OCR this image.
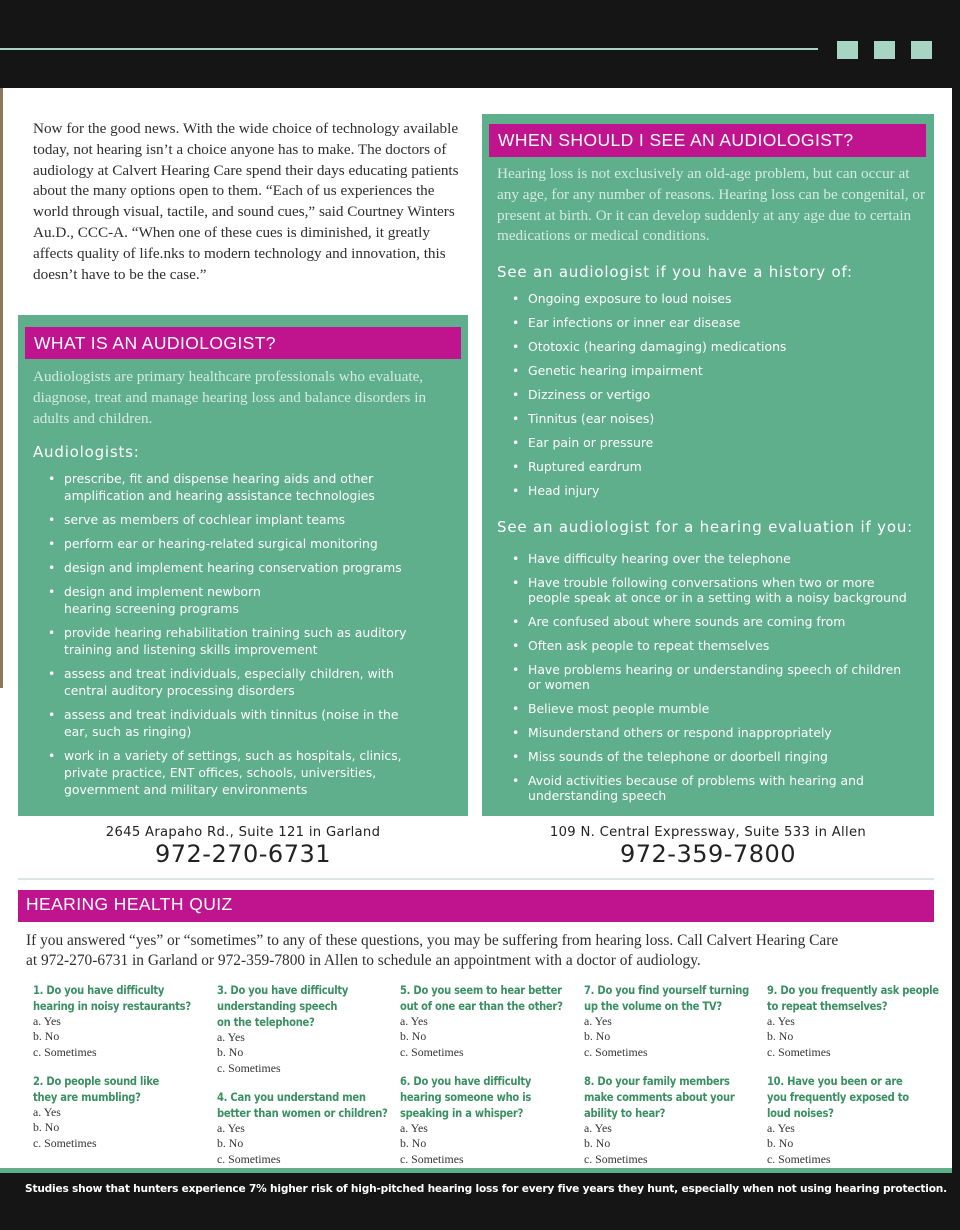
Now for the good news. With the wide choice of technology available today, not hearing isn’t a choice anyone has to make. The doctors of audiology at Calvert Hearing Care spend their days educating patients about the many options open to them. “Each of us experiences the world through visual, tactile, and sound cues,” said Courtney Winters Au.D., CCC-A. “When one of these cues is diminished, it greatly affects quality of life.nks to modern technology and innovation, this doesn’t have to be the case.”

WHAT IS AN AUDIOLOGIST?

Audiologists are primary healthcare professionals who evaluate, diagnose, treat and manage hearing loss and balance disorders in adults and children.

Audiologists:
• prescribe, fit and dispense hearing aids and other amplification and hearing assistance technologies
• serve as members of cochlear implant teams
• perform ear or hearing-related surgical monitoring
• design and implement hearing conservation programs
• design and implement newborn hearing screening programs
• provide hearing rehabilitation training such as auditory training and listening skills improvement
• assess and treat individuals, especially children, with central auditory processing disorders
• assess and treat individuals with tinnitus (noise in the ear, such as ringing)
• work in a variety of settings, such as hospitals, clinics, private practice, ENT offices, schools, universities, government and military environments
WHEN SHOULD I SEE AN AUDIOLOGIST?

Hearing loss is not exclusively an old-age problem, but can occur at any age, for any number of reasons. Hearing loss can be congenital, or present at birth. Or it can develop suddenly at any age due to certain medications or medical conditions.

See an audiologist if you have a history of:
• Ongoing exposure to loud noises
• Ear infections or inner ear disease
• Ototoxic (hearing damaging) medications
• Genetic hearing impairment
• Dizziness or vertigo
• Tinnitus (ear noises)
• Ear pain or pressure
• Ruptured eardrum
• Head injury
See an audiologist for a hearing evaluation if you:
• Have difficulty hearing over the telephone
• Have trouble following conversations when two or more people speak at once or in a setting with a noisy background
• Are confused about where sounds are coming from
• Often ask people to repeat themselves
• Have problems hearing or understanding speech of children or women
• Believe most people mumble
• Misunderstand others or respond inappropriately
• Miss sounds of the telephone or doorbell ringing
• Avoid activities because of problems with hearing and understanding speech
2645 Arapaho Rd., Suite 121 in Garland
972-270-6731
109 N. Central Expressway, Suite 533 in Allen
972-359-7800
HEARING HEALTH QUIZ

If you answered “yes” or “sometimes” to any of these questions, you may be suffering from hearing loss. Call Calvert Hearing Care at 972-270-6731 in Garland or 972-359-7800 in Allen to schedule an appointment with a doctor of audiology.

1. Do you have difficulty hearing in noisy restaurants?
a. Yes
b. No
c. Sometimes
2. Do people sound like they are mumbling?
a. Yes
b. No
c. Sometimes
3. Do you have difficulty understanding speech on the telephone?
a. Yes
b. No
c. Sometimes
4. Can you understand men better than women or children?
a. Yes
b. No
c. Sometimes
5. Do you seem to hear better out of one ear than the other?
a. Yes
b. No
c. Sometimes
6. Do you have difficulty hearing someone who is speaking in a whisper?
a. Yes
b. No
c. Sometimes
7. Do you find yourself turning up the volume on the TV?
a. Yes
b. No
c. Sometimes
8. Do your family members make comments about your ability to hear?
a. Yes
b. No
c. Sometimes
9. Do you frequently ask people to repeat themselves?
a. Yes
b. No
c. Sometimes
10. Have you been or are you frequently exposed to loud noises?
a. Yes
b. No
c. Sometimes
Studies show that hunters experience 7% higher risk of high-pitched hearing loss for every five years they hunt, especially when not using hearing protection.
